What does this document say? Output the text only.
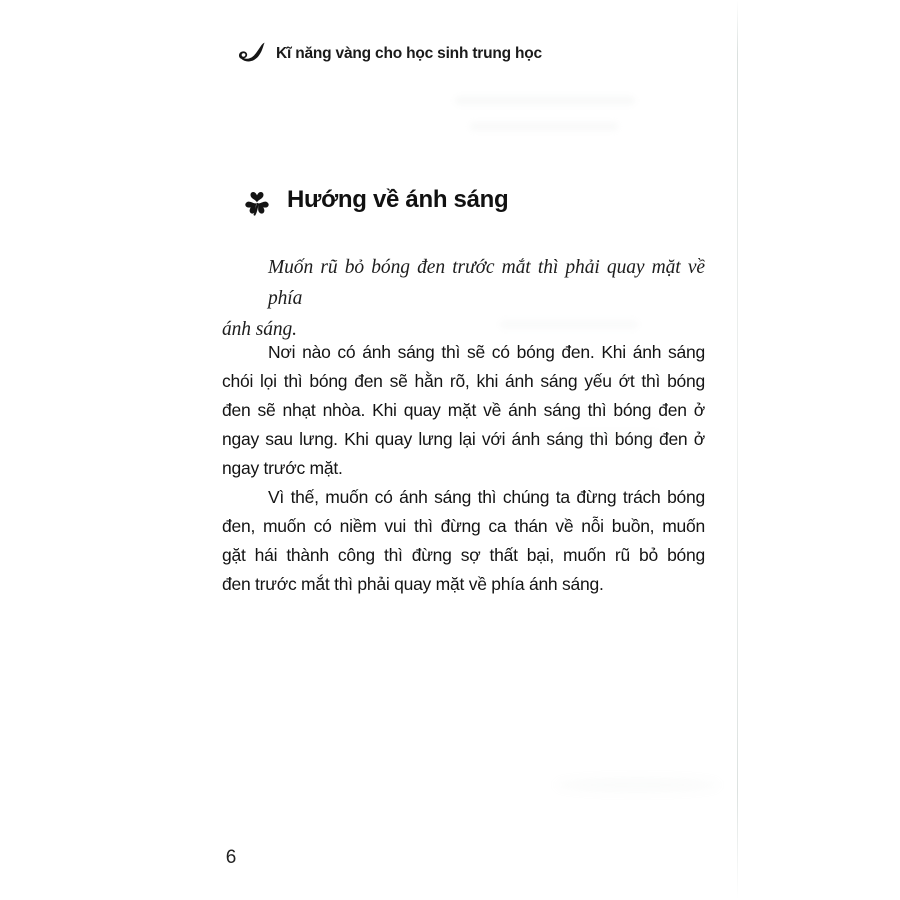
Kĩ năng vàng cho học sinh trung học
Hướng về ánh sáng
Muốn rũ bỏ bóng đen trước mắt thì phải quay mặt về phía
ánh sáng.
Nơi nào có ánh sáng thì sẽ có bóng đen. Khi ánh sáng
chói lọi thì bóng đen sẽ hằn rõ, khi ánh sáng yếu ớt thì bóng
đen sẽ nhạt nhòa. Khi quay mặt về ánh sáng thì bóng đen ở
ngay sau lưng. Khi quay lưng lại với ánh sáng thì bóng đen ở
ngay trước mặt.
Vì thế, muốn có ánh sáng thì chúng ta đừng trách bóng
đen, muốn có niềm vui thì đừng ca thán về nỗi buồn, muốn
gặt hái thành công thì đừng sợ thất bại, muốn rũ bỏ bóng
đen trước mắt thì phải quay mặt về phía ánh sáng.
6
